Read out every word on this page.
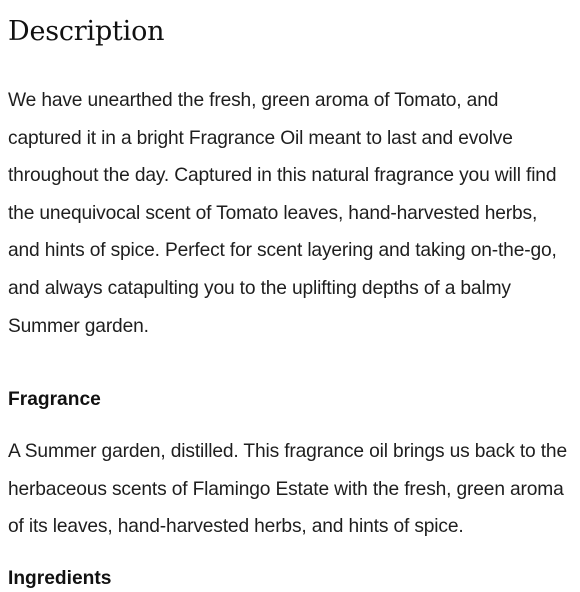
Description

We have unearthed the fresh, green aroma of Tomato, and captured it in a bright Fragrance Oil meant to last and evolve throughout the day. Captured in this natural fragrance you will find the unequivocal scent of Tomato leaves, hand-harvested herbs, and hints of spice. Perfect for scent layering and taking on-the-go, and always catapulting you to the uplifting depths of a balmy Summer garden.

Fragrance

A Summer garden, distilled. This fragrance oil brings us back to the herbaceous scents of Flamingo Estate with the fresh, green aroma of its leaves, hand-harvested herbs, and hints of spice.

Ingredients
